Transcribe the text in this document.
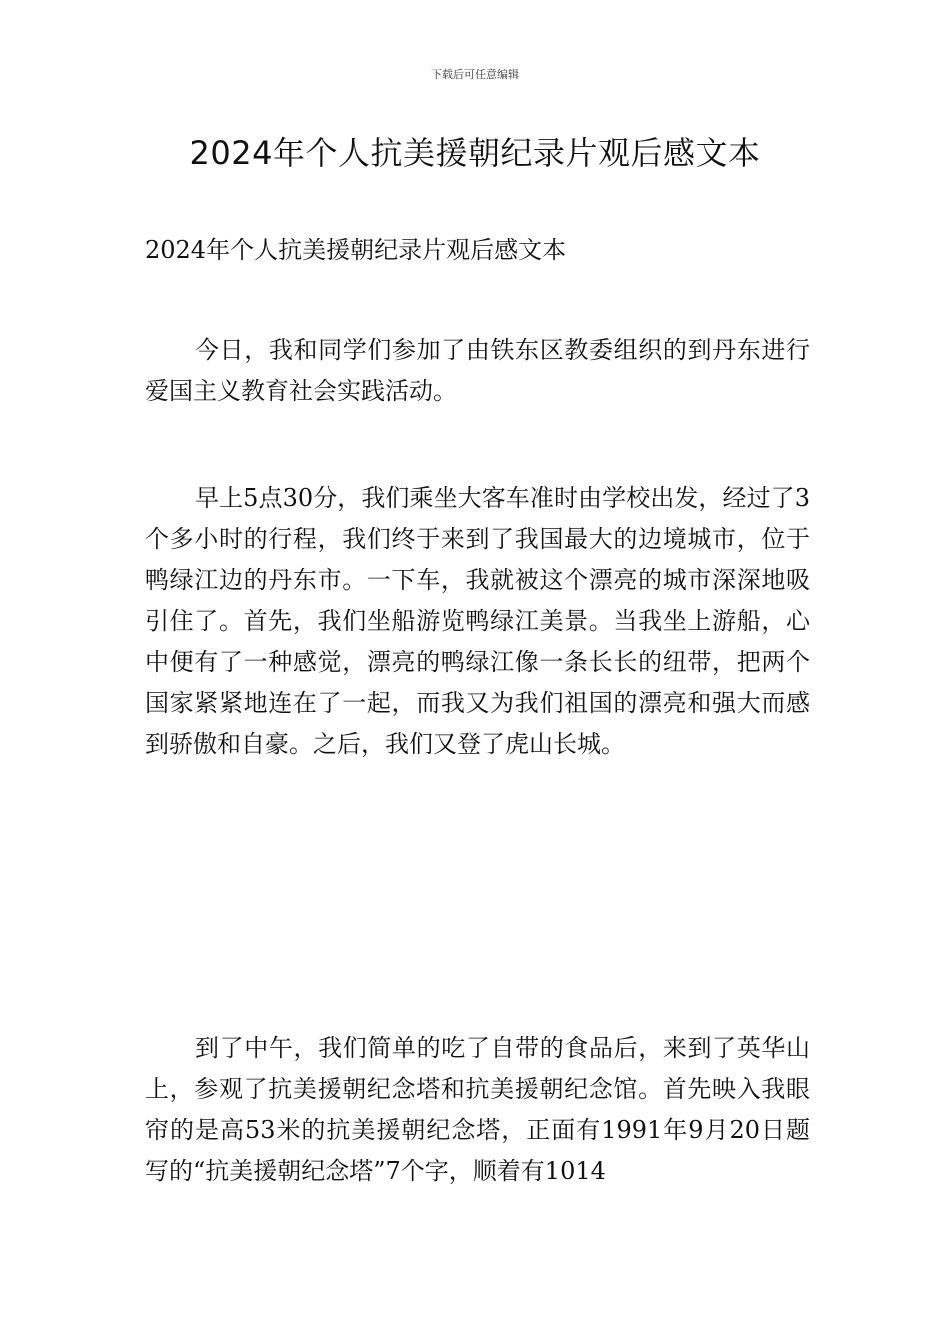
下载后可任意编辑
2024年个人抗美援朝纪录片观后感文本

2024年个人抗美援朝纪录片观后感文本

今日，我和同学们参加了由铁东区教委组织的到丹东进行爱国主义教育社会实践活动。

早上5点30分，我们乘坐大客车准时由学校出发，经过了3个多小时的行程，我们终于来到了我国最大的边境城市，位于鸭绿江边的丹东市。一下车，我就被这个漂亮的城市深深地吸引住了。首先，我们坐船游览鸭绿江美景。当我坐上游船，心中便有了一种感觉，漂亮的鸭绿江像一条长长的纽带，把两个国家紧紧地连在了一起，而我又为我们祖国的漂亮和强大而感到骄傲和自豪。之后，我们又登了虎山长城。

到了中午，我们简单的吃了自带的食品后，来到了英华山上，参观了抗美援朝纪念塔和抗美援朝纪念馆。首先映入我眼帘的是高53米的抗美援朝纪念塔，正面有1991年9月20日题写的“抗美援朝纪念塔”7个字，顺着有1014
